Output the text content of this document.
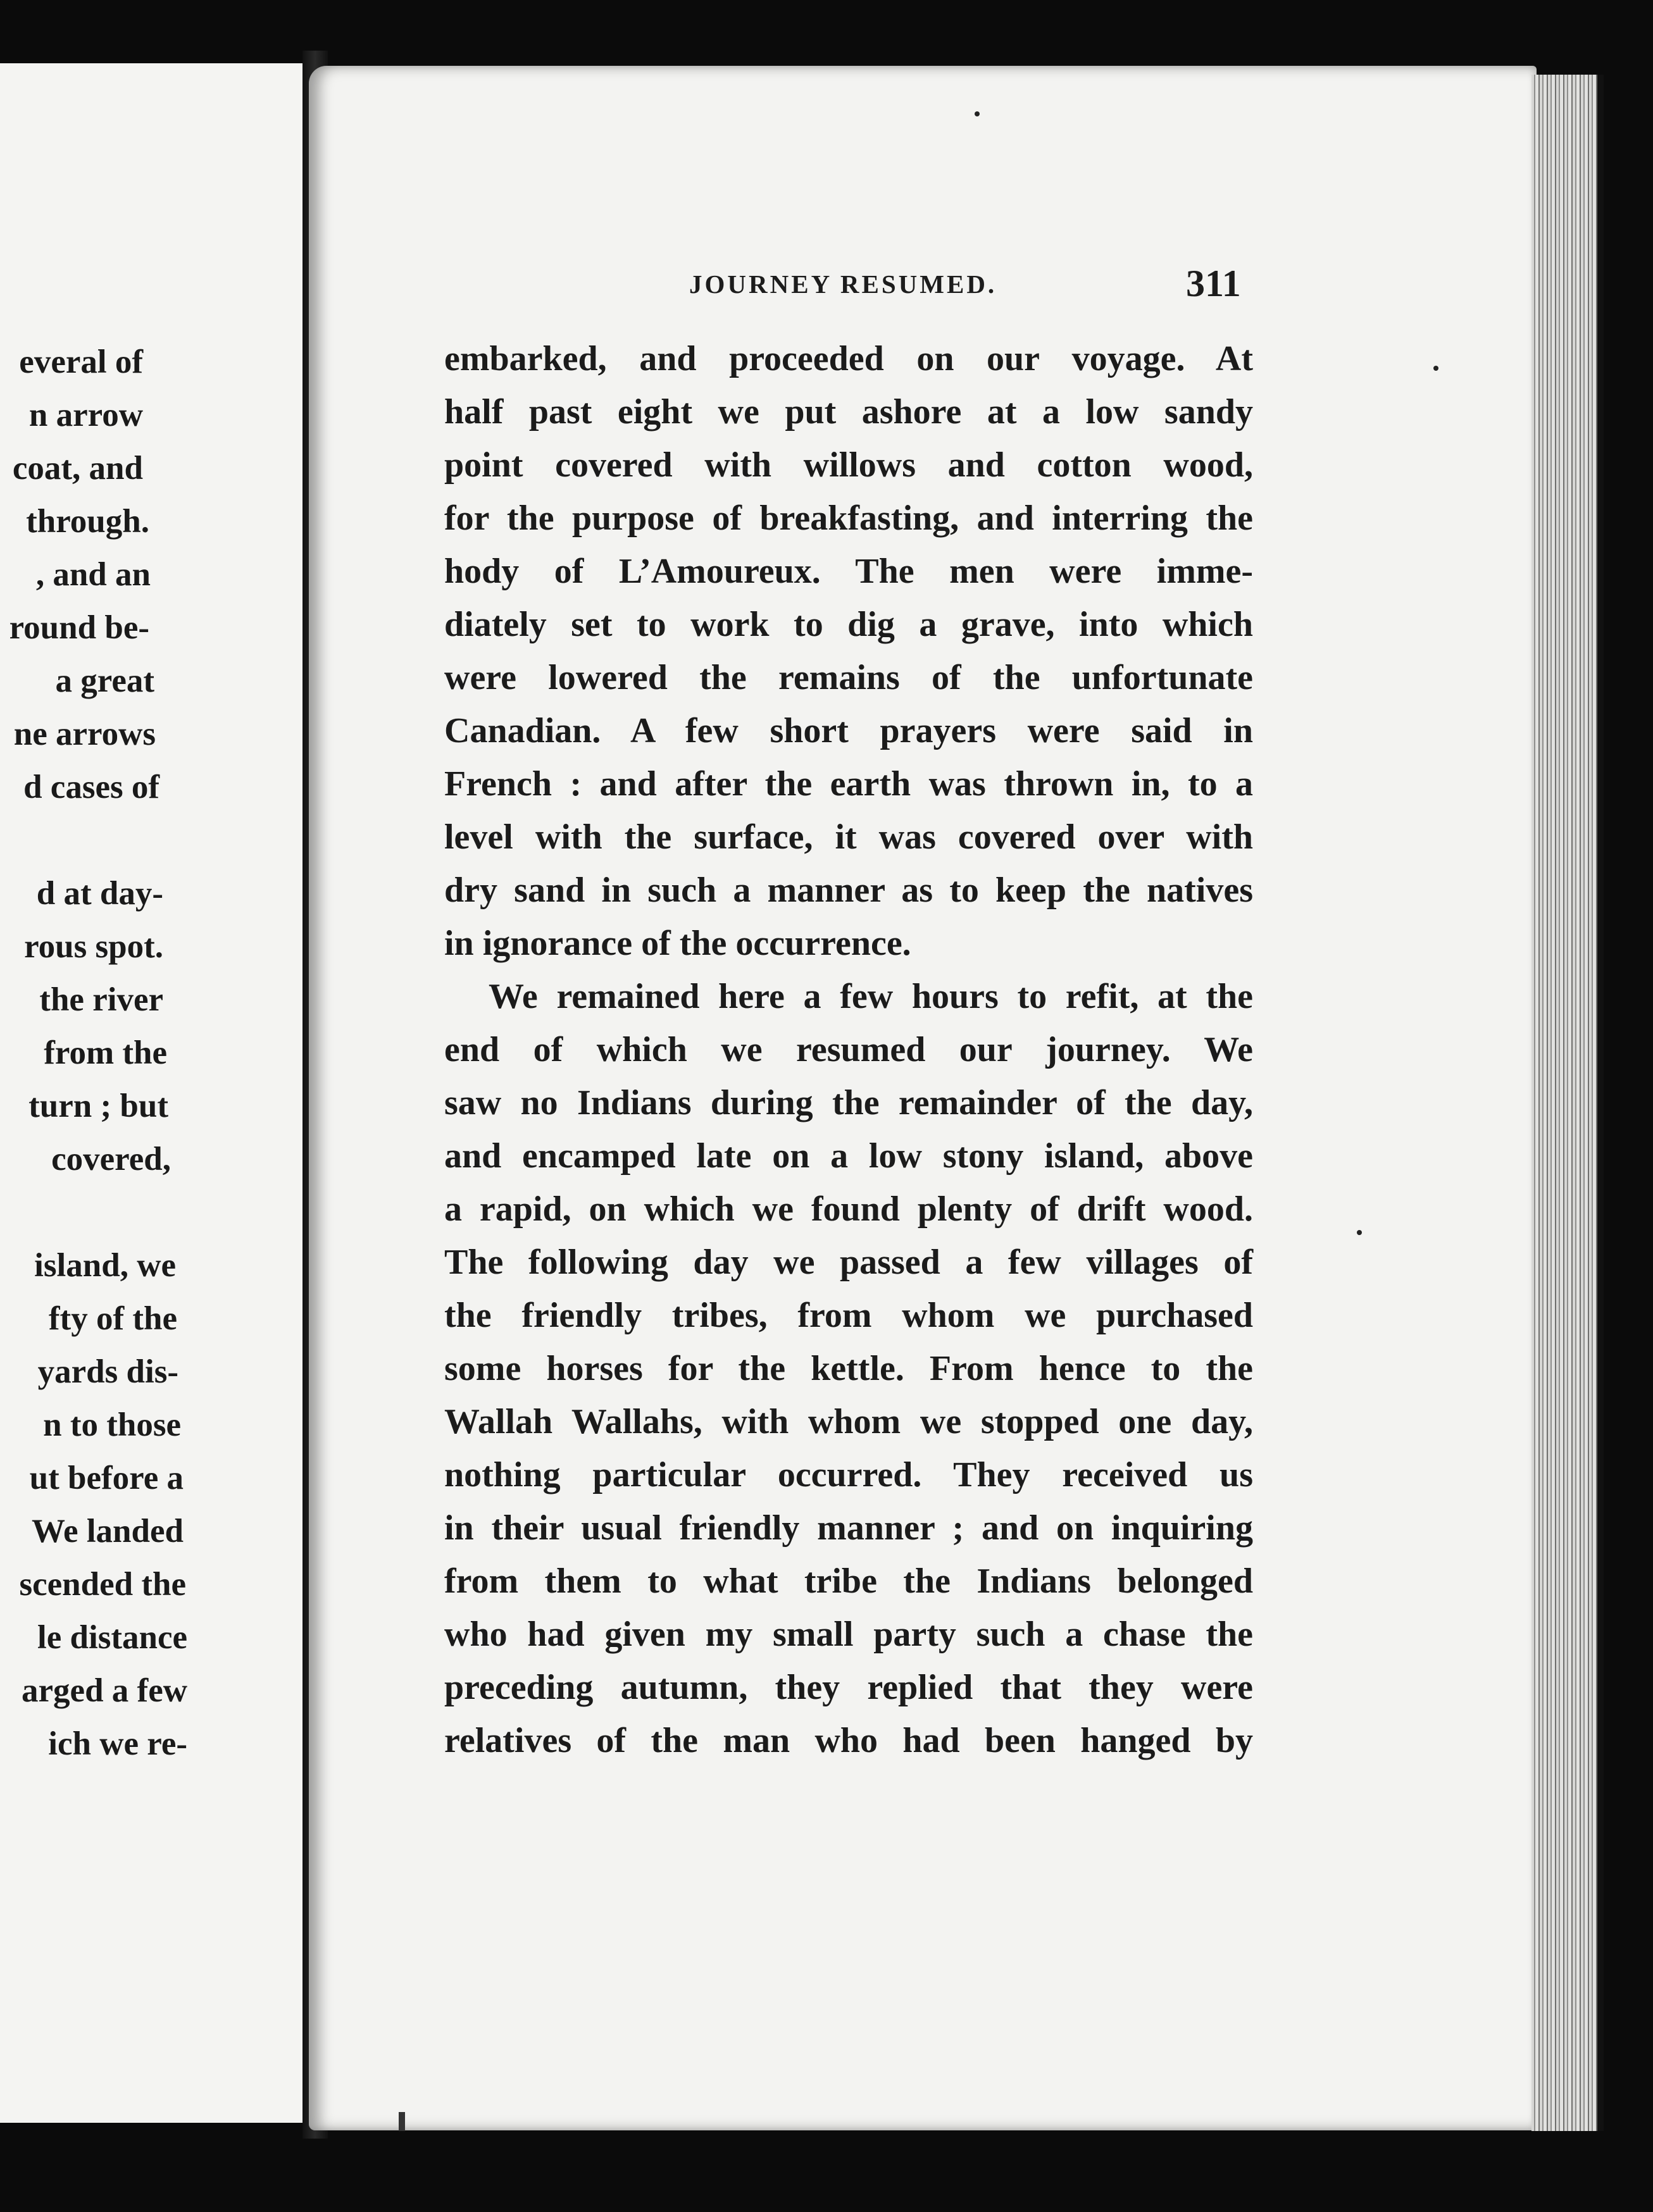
everal of
n arrow
coat, and
through.
, and an
round be-
a great
ne arrows
d cases of
d at day-
rous spot.
the river
from the
turn ; but
covered,
island, we
fty of the
yards dis-
n to those
ut before a
We landed
scended the
le distance
arged a few
ich we re-
JOURNEY RESUMED.	311
embarked, and proceeded on our voyage. At
half past eight we put ashore at a low sandy
point covered with willows and cotton wood,
for the purpose of breakfasting, and interring the
hody of L’Amoureux. The men were imme-
diately set to work to dig a grave, into which
were lowered the remains of the unfortunate
Canadian. A few short prayers were said in
French : and after the earth was thrown in, to a
level with the surface, it was covered over with
dry sand in such a manner as to keep the natives
in ignorance of the occurrence.
We remained here a few hours to refit, at the
end of which we resumed our journey. We
saw no Indians during the remainder of the day,
and encamped late on a low stony island, above
a rapid, on which we found plenty of drift wood.
The following day we passed a few villages of
the friendly tribes, from whom we purchased
some horses for the kettle. From hence to the
Wallah Wallahs, with whom we stopped one day,
nothing particular occurred. They received us
in their usual friendly manner ; and on inquiring
from them to what tribe the Indians belonged
who had given my small party such a chase the
preceding autumn, they replied that they were
relatives of the man who had been hanged by
